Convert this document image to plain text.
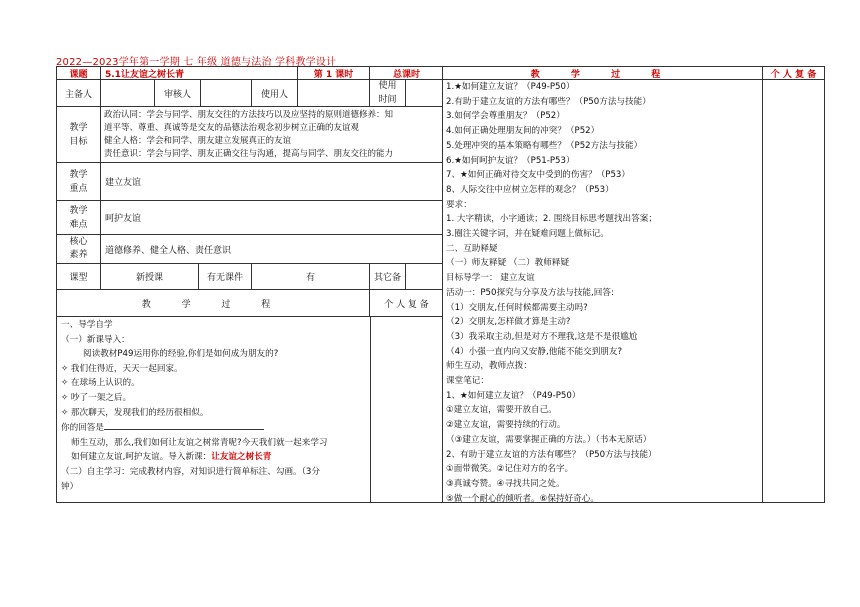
2022—2023学年第一学期 七 年级 道德与法治 学科教学设计
课题	5.1让友谊之树长青	第 1 课时	总课时
主备人	审核人	使用人
使用
时间
教学
目标
政治认同：学会与同学、朋友交往的方法技巧以及应坚持的原则道德修养：知
道平等、尊重、真诚等是交友的品德法治观念初步树立正确的友谊观
健全人格：学会和同学、朋友建立发展真正的友谊
责任意识：学会与同学、朋友正确交往与沟通，提高与同学、朋友交往的能力
教学
重点
建立友谊
教学
难点
呵护友谊
核心
素养	道德修养、健全人格、责任意识
课型	新授课	有无课件	有	其它备
教 学 过 程	个 人 复 备
一、导学自学
（一）新课导入：
阅读教材P49运用你的经验,你们是如何成为朋友的?
✧ 我们住得近，天天一起回家。
✧ 在球场上认识的。
✧ 吵了一架之后。
✧ 那次聊天，发现我们的经历很相似。
你的回答是
师生互动，那么,我们如何让友谊之树常青呢?今天我们就一起来学习
如何建立友谊,呵护友谊。导入新课：让友谊之树长青
（二）自主学习：完成教材内容，对知识进行简单标注、勾画。（3分
钟）
教 学 过 程	个 人 复 备
1.★如何建立友谊？（P49-P50）
2.有助于建立友谊的方法有哪些？（P50方法与技能）
3.如何学会尊重朋友？（P52）
4.如何正确处理朋友间的冲突？（P52）
5.处理冲突的基本策略有哪些？（P52方法与技能）
6.★如何呵护友谊？（P51-P53）
7、★如何正确对待交友中受到的伤害？（P53）
8、人际交往中应树立怎样的观念？（P53）
要求：
1. 大字精读，小字通读；2. 围绕目标思考题找出答案；
3.圈注关键字词，并在疑难问题上做标记。
二、互助释疑
（一）师友释疑 （二）教师释疑
目标导学一： 建立友谊
活动一：P50探究与分享及方法与技能,回答:
（1）交朋友,任何时候都需要主动吗?
（2）交朋友,怎样做才算是主动?
（3）我采取主动,但是对方不理我,这是不是很尴尬
（4）小强一直内向又安静,他能不能交到朋友?
师生互动，教师点拨：
课堂笔记：
1、★如何建立友谊？（P49-P50）
①建立友谊，需要开放自己。
②建立友谊，需要持续的行动。
（③建立友谊，需要掌握正确的方法。）（书本无原话）
2、有助于建立友谊的方法有哪些？（P50方法与技能）
①面带微笑。②记住对方的名字。
③真诚夸赞。④寻找共同之处。
⑤做一个耐心的倾听者。⑥保持好奇心。
